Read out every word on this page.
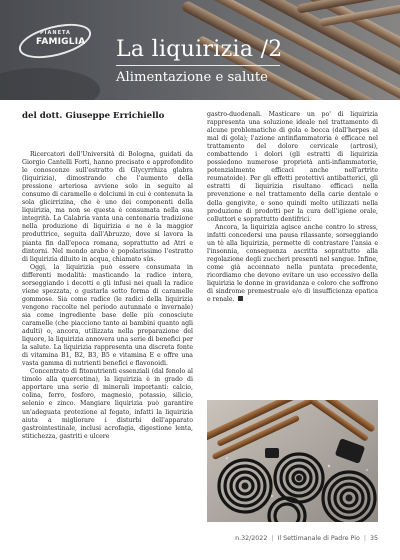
PIANETA
FAMIGLIA La liquirizia /2
Alimentazione e salute
del dott. Giuseppe Errichiello

Ricercatori dell'Università di Bologna, guidati da Giorgio Cantelli Forti, hanno precisato e approfondito le conoscenze sull'estratto di Glycyrrhiza glabra (liquirizia), dimostrando che l'aumento della pressione arteriosa avviene solo in seguito al consumo di caramelle e dolciumi in cui è contenuta la sola glicirrizina, che è uno dei componenti della liquirizia, ma non se questa è consumata nella sua integrità. La Calabria vanta una centenaria tradizione nella produzione di liquirizia e ne è la maggior produttrice, seguita dall'Abruzzo, dove si lavora la pianta fin dall'epoca romana, soprattutto ad Atri e dintorni. Nel mondo arabo è popolarissimo l'estratto di liquirizia diluito in acqua, chiamato sûs.

Oggi, la liquirizia può essere consumata in differenti modalità: masticando la radice intera, sorseggiando i decotti e gli infusi nei quali la radice viene spezzata, o gustarla sotto forma di caramelle gommose. Sia come radice (le radici della liquirizia vengono raccolte nel periodo autunnale e invernale) sia come ingrediente base delle più conosciute caramelle (che piacciono tanto ai bambini quanto agli adulti) o, ancora, utilizzata nella preparazione del liquore, la liquirizia annovera una serie di benefici per la salute. La liquirizia rappresenta una discreta fonte di vitamina B1, B2, B3, B5 e vitamina E e offre una vasta gamma di nutrienti benefici e flavonoidi.

Concentrato di fitonutrienti essenziali (dal fenolo al timolo alla quercetina), la liquirizia è in grado di apportare una serie di minerali importanti: calcio, colina, ferro, fosforo, magnesio, potassio, silicio, selenio e zinco. Mangiare liquirizia può garantire un'adeguata protezione al fegato, infatti la liquirizia aiuta a migliorare i disturbi dell'apparato gastrointestinale, inclusi acrofagia, digestione lenta, stitichezza, gastriti e ulcere

gastro-duodenali. Masticare un po' di liquirizia rappresenta una soluzione ideale nel trattamento di alcune problematiche di gola e bocca (dall'herpes al mal di gola); l'azione antinfiammatoria è efficace nel trattamento del dolore cervicale (artrosi), combattendo i dolori (gli estratti di liquirizia possiedono numerose proprietà anti-infiammatorie, potenzialmente efficaci anche nell'artrite reumatoide). Per gli effetti protettivi antibatterici, gli estratti di liquirizia risultano efficaci nella prevenzione e nel trattamento della carie dentale e della gengivite, e sono quindi molto utilizzati nella produzione di prodotti per la cura dell'igiene orale, colluttori e soprattutto dentifrici.

Ancora, la liquirizia agisce anche contro lo stress, infatti concedersi una pausa rilassante, sorseggiando un tè alla liquirizia, permette di contrastare l'ansia e l'insonnia, conseguenza ascritta soprattutto alla regolazione degli zuccheri presenti nel sangue. Infine, come già accennato nella puntata precedente, ricordiamo che devono evitare un uso eccessivo della liquirizia le donne in gravidanza e coloro che soffrono di sindrome premestruale e/o di insufficienza epatica e renale.

n.32/2022 | Il Settimanale di Padre Pio | 35
